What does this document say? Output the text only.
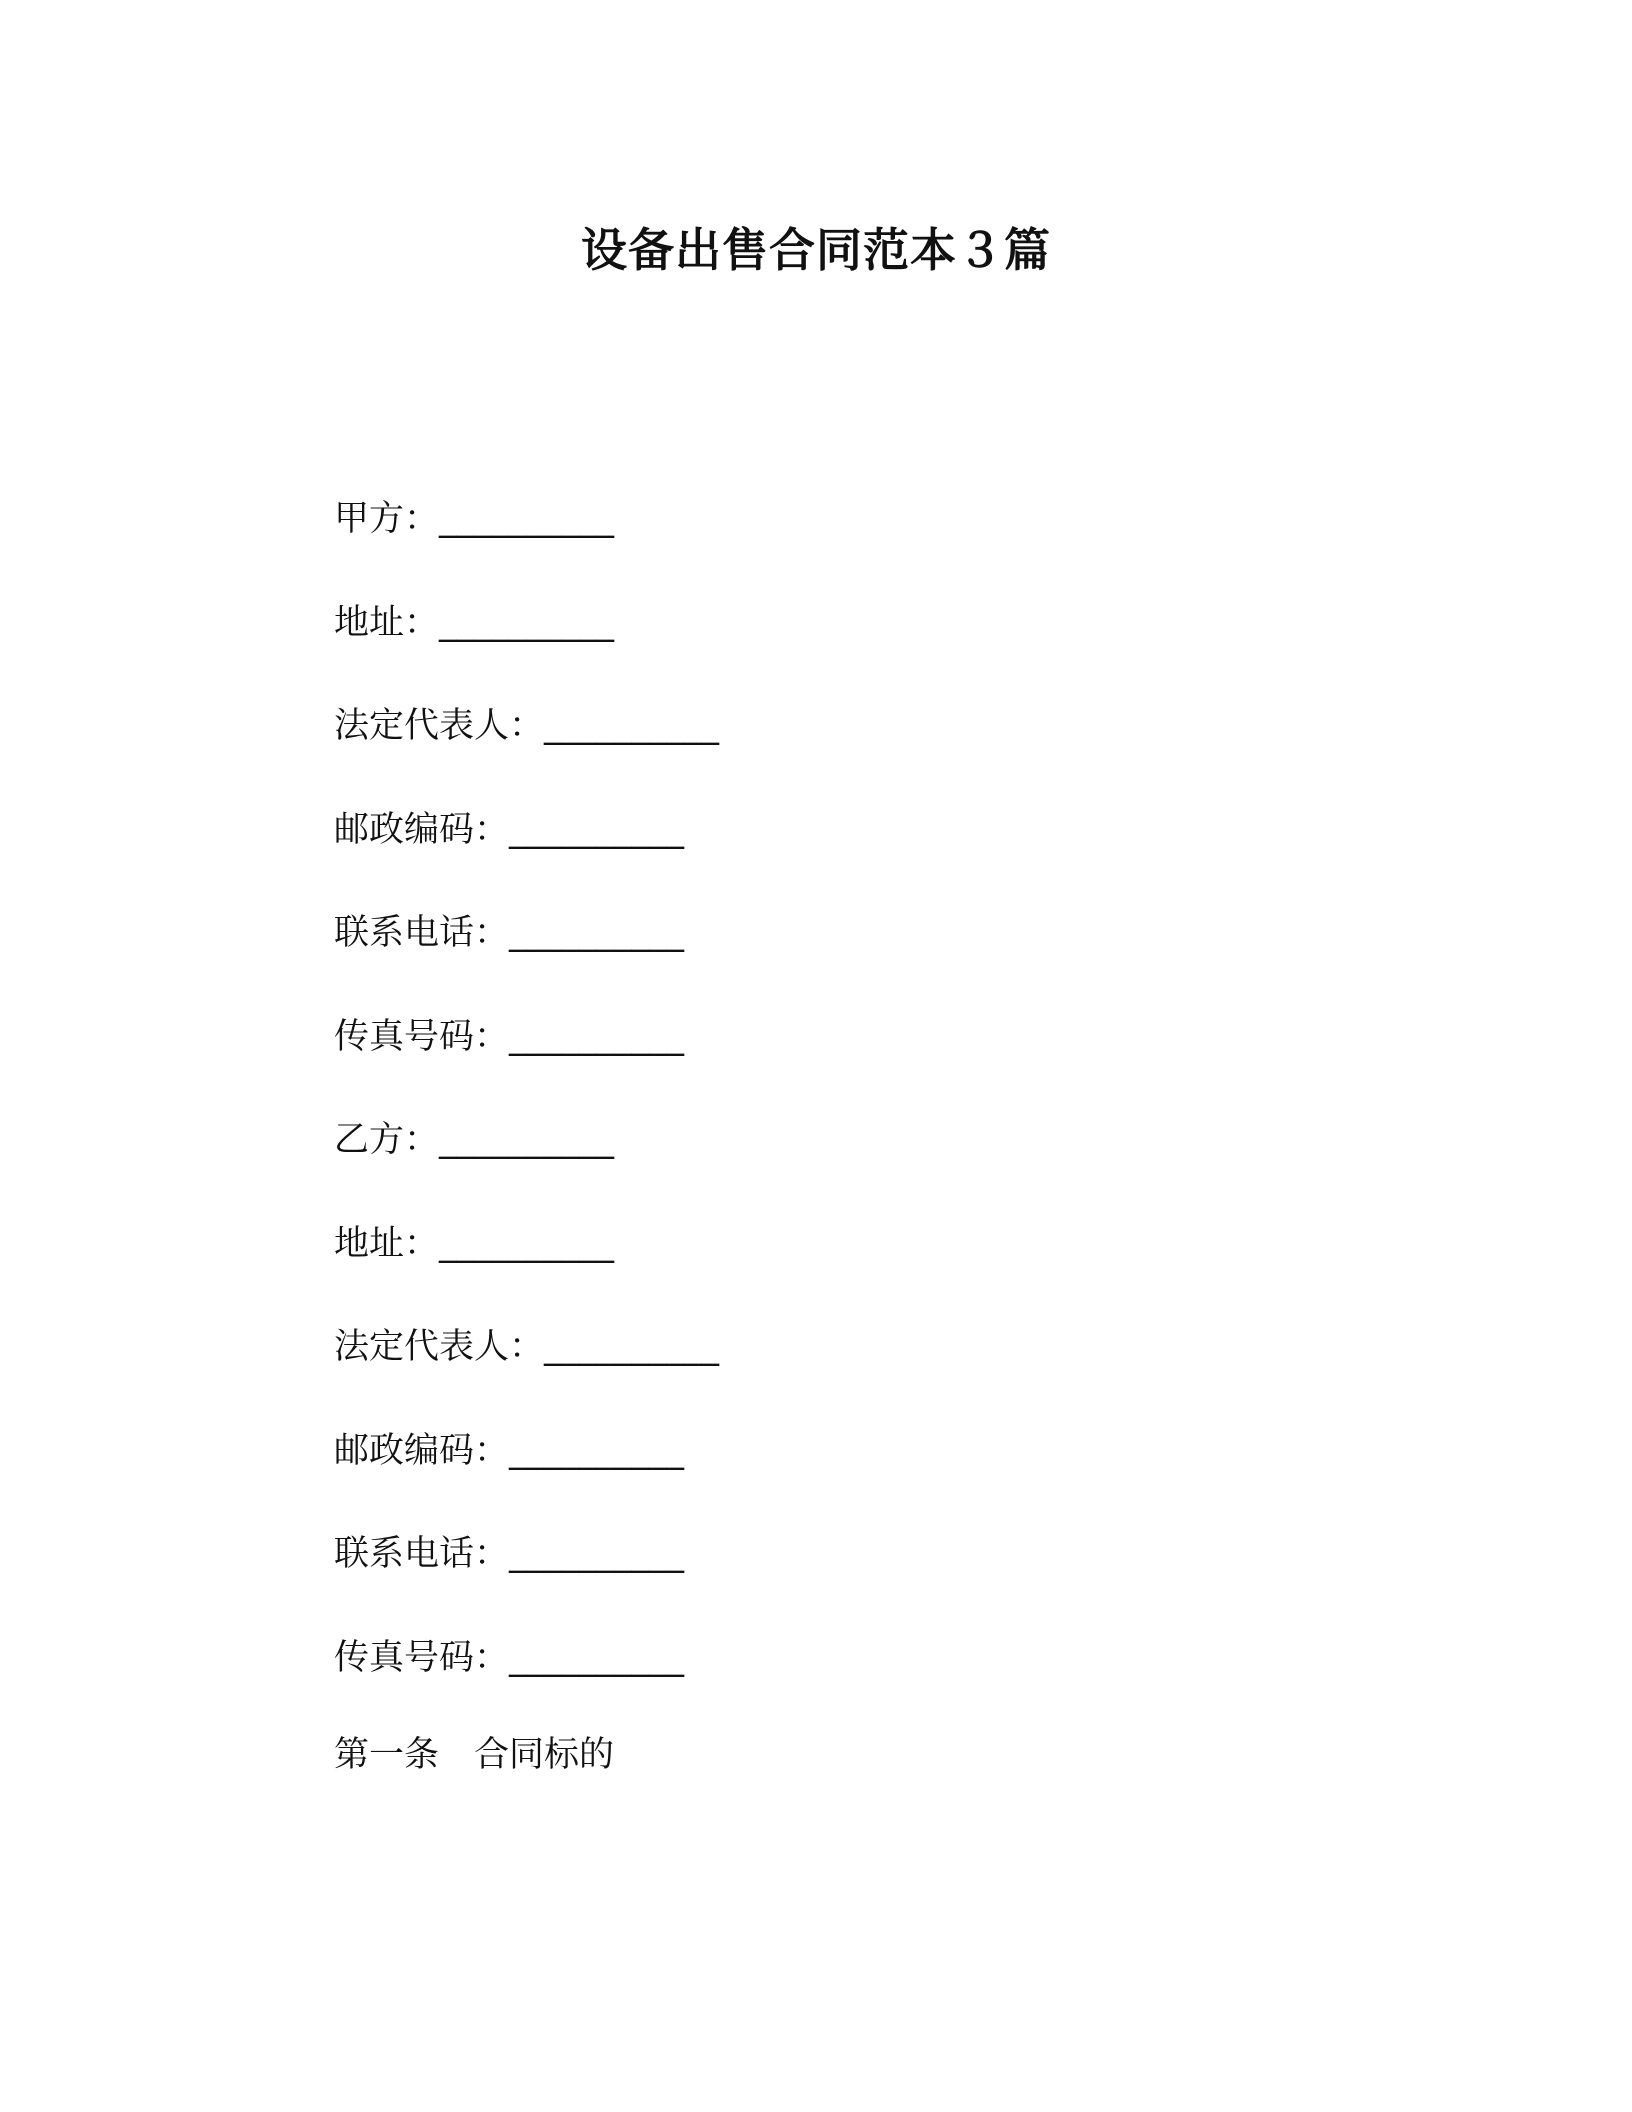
设备出售合同范本３篇
甲方：__________
地址：__________
法定代表人：__________
邮政编码：__________
联系电话：__________
传真号码：__________
乙方：__________
地址：__________
法定代表人：__________
邮政编码：__________
联系电话：__________
传真号码：__________
第一条　合同标的
